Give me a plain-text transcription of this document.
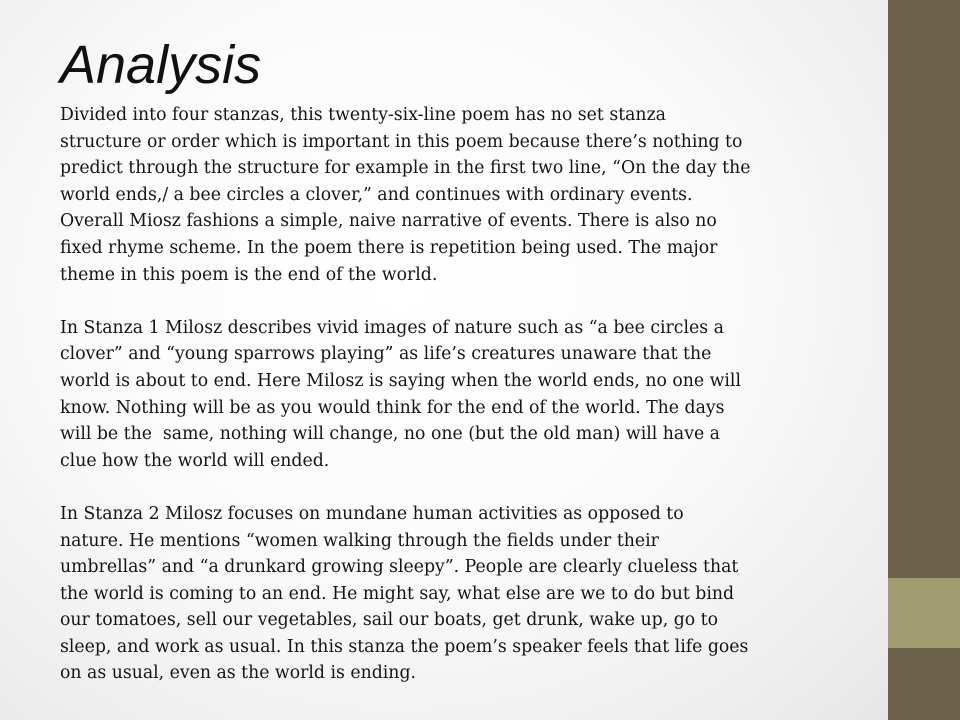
Analysis
Divided into four stanzas, this twenty-six-line poem has no set stanza
structure or order which is important in this poem because there’s nothing to
predict through the structure for example in the first two line, “On the day the
world ends,/ a bee circles a clover,” and continues with ordinary events.
Overall Miosz fashions a simple, naive narrative of events. There is also no
fixed rhyme scheme. In the poem there is repetition being used. The major
theme in this poem is the end of the world.
In Stanza 1 Milosz describes vivid images of nature such as “a bee circles a
clover” and “young sparrows playing” as life’s creatures unaware that the
world is about to end. Here Milosz is saying when the world ends, no one will
know. Nothing will be as you would think for the end of the world. The days
will be the  same, nothing will change, no one (but the old man) will have a
clue how the world will ended.
In Stanza 2 Milosz focuses on mundane human activities as opposed to
nature. He mentions “women walking through the fields under their
umbrellas” and “a drunkard growing sleepy”. People are clearly clueless that
the world is coming to an end. He might say, what else are we to do but bind
our tomatoes, sell our vegetables, sail our boats, get drunk, wake up, go to
sleep, and work as usual. In this stanza the poem’s speaker feels that life goes
on as usual, even as the world is ending.
